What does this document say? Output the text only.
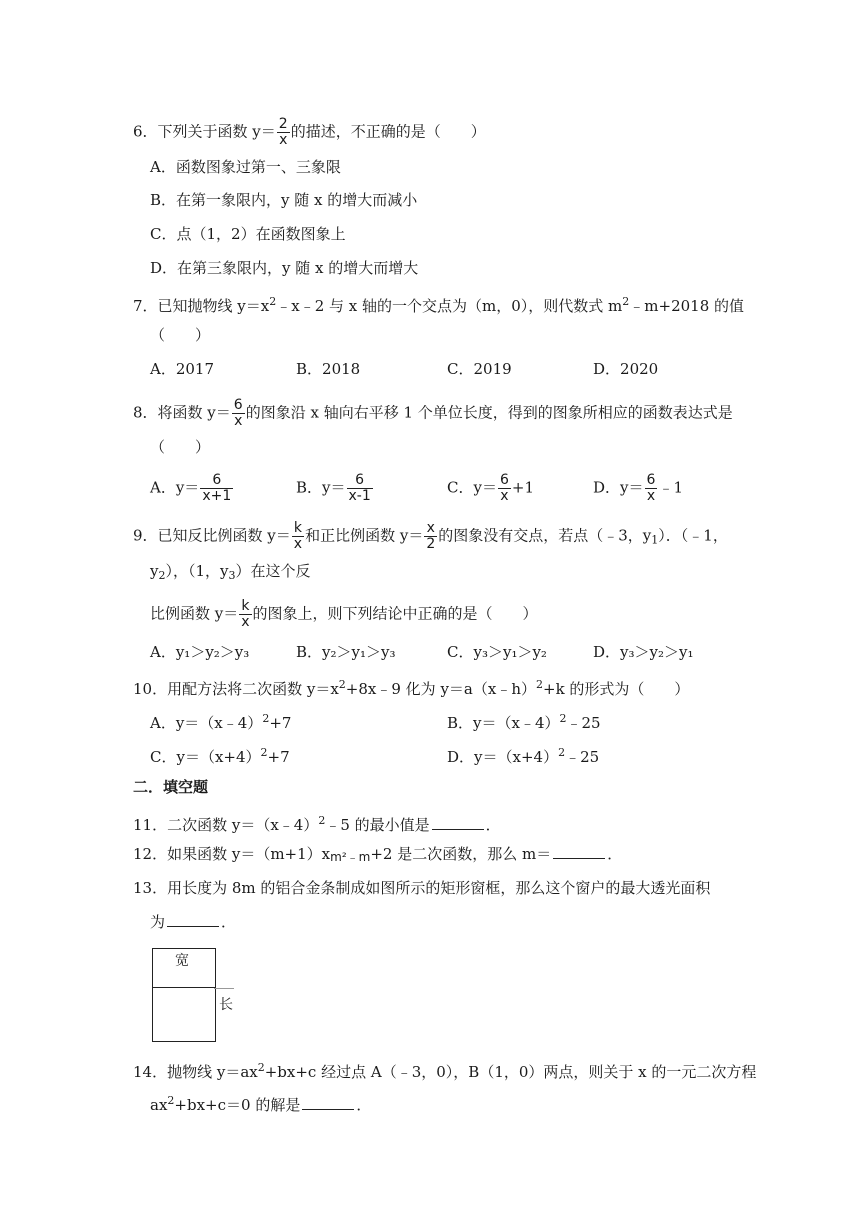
6．下列关于函数 $y= \frac{2}{x}$ 的描述，不正确的是（　　）
A．函数图象过第一、三象限
B．在第一象限内，y 随 x 的增大而减小
C．点（1，2）在函数图象上
D．在第三象限内，y 随 x 的增大而增大
7．已知抛物线 $y=x^2﹣x﹣2$ 与 x 轴的一个交点为（m，0），则代数式 $m^2﹣m+2018$ 的值
（　　）
A．2017	B．2018	C．2019	D．2020
8．将函数 $y= \frac{6}{x}$ 的图象沿 x 轴向右平移 1 个单位长度，得到的图象所相应的函数表达式是
（　　）
A．$y= \frac{6}{x+1}$	B．$y= \frac{6}{x-1}$	C．$y= \frac{6}{x} +1$	D．$y= \frac{6}{x}$ ﹣1
9．已知反比例函数 $y= \frac{k}{x}$ 和正比例函数 $y= \frac{x}{2}$ 的图象没有交点，若点（﹣3，$y_1$）．（﹣1，
$y_2$），（1，$y_3$）在这个反
比例函数 $y= \frac{k}{x}$ 的图象上，则下列结论中正确的是（　　）
A．y₁＞y₂＞y₃	B．y₂＞y₁＞y₃	C．y₃＞y₁＞y₂	D．y₃＞y₂＞y₁
10．用配方法将二次函数 $y=x^2+8x﹣9$ 化为 y＝a（x﹣h）$^2$+k 的形式为（　　）
A．y＝（x﹣4）$^2$+7	B．y＝（x﹣4）$^2$﹣25
C．$y=(x+4)^2+7$	D．$y=(x+4)^2﹣25$
二．填空题
11．二次函数 y＝（x﹣4）$^2$﹣5 的最小值是	．
12．如果函数 y＝（m+1）xm²﹣m+2 是二次函数，那么 m＝	．
13．用长度为 8m 的铝合金条制成如图所示的矩形窗框，那么这个窗户的最大透光面积
为	．
宽
长
14．抛物线 $y=ax^2+bx+c$ 经过点 A（﹣3，0），B（1，0）两点，则关于 x 的一元二次方程
$ax^2+bx+c=0$ 的解是	．
